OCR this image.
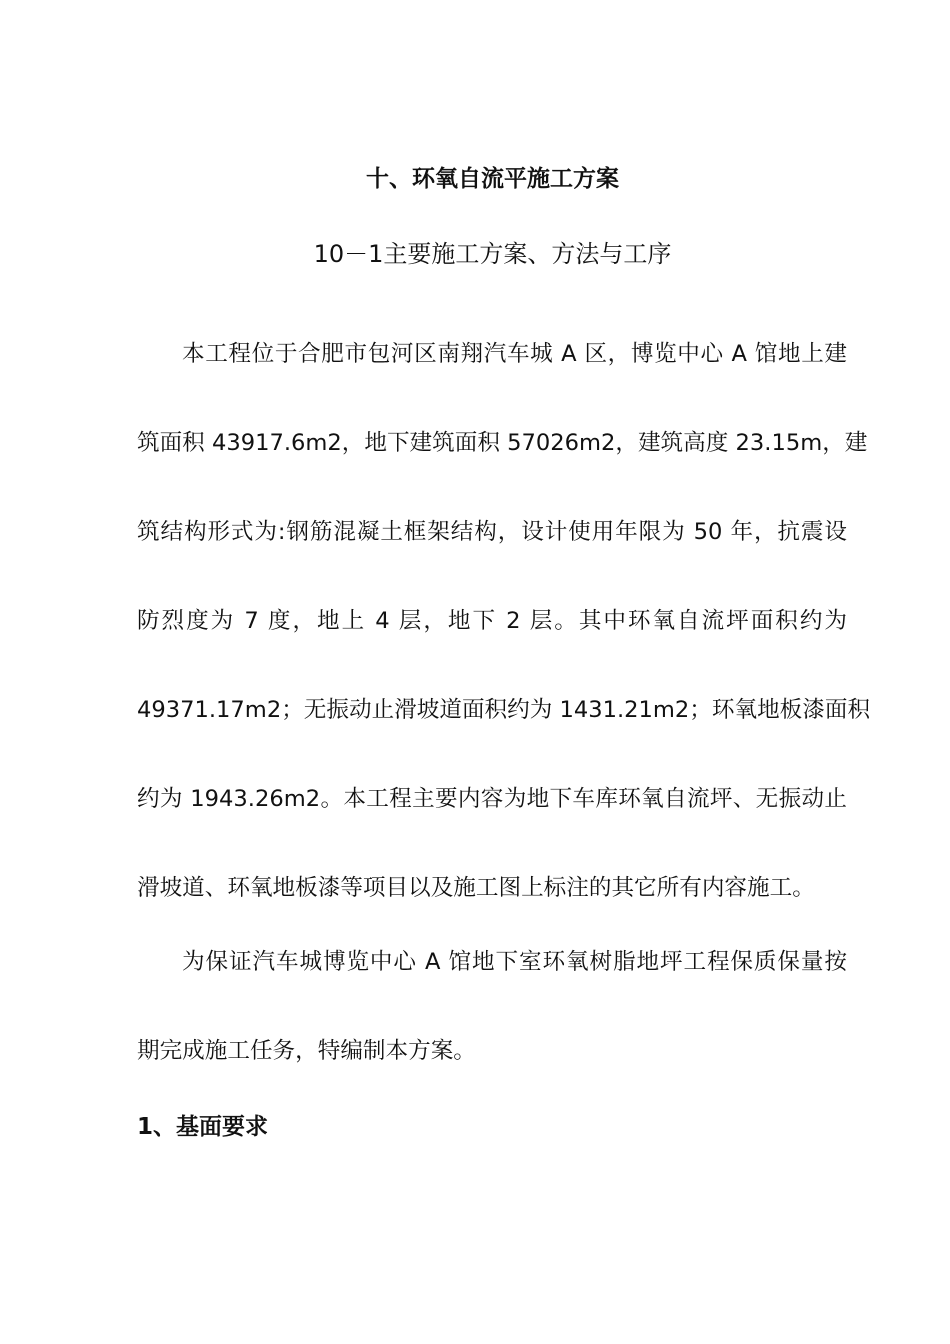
十、环氧自流平施工方案
10－1主要施工方案、方法与工序
本工程位于合肥市包河区南翔汽车城 A 区，博览中心 A 馆地上建
筑面积 43917.6m2，地下建筑面积 57026m2，建筑高度 23.15m，建
筑结构形式为:钢筋混凝土框架结构，设计使用年限为 50 年，抗震设
防烈度为 7 度，地上 4 层，地下 2 层。其中环氧自流坪面积约为
49371.17m2；无振动止滑坡道面积约为 1431.21m2；环氧地板漆面积
约为 1943.26m2。本工程主要内容为地下车库环氧自流坪、无振动止
滑坡道、环氧地板漆等项目以及施工图上标注的其它所有内容施工。
为保证汽车城博览中心 A 馆地下室环氧树脂地坪工程保质保量按
期完成施工任务，特编制本方案。
1、基面要求
